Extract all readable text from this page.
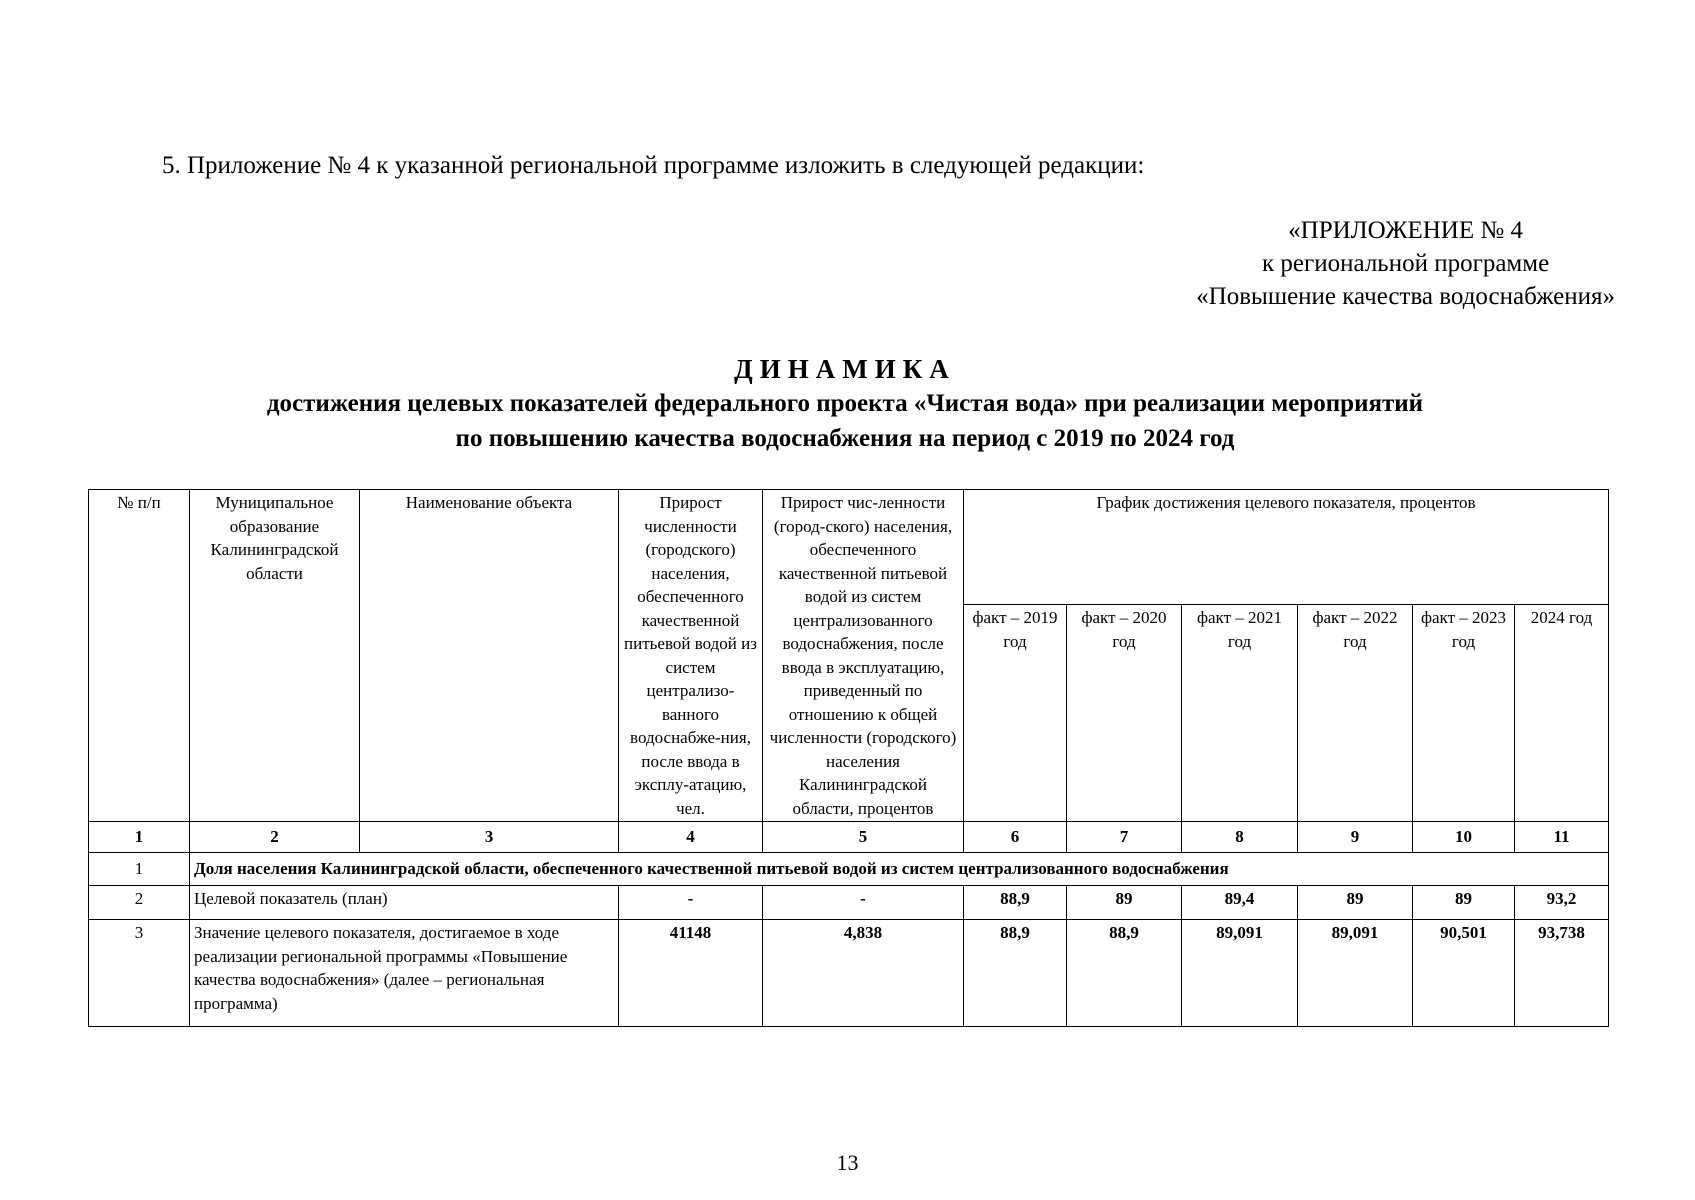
5. Приложение № 4 к указанной региональной программе изложить в следующей редакции:
«ПРИЛОЖЕНИЕ № 4
к региональной программе
«Повышение качества водоснабжения»
ДИНАМИКА
достижения целевых показателей федерального проекта «Чистая вода» при реализации мероприятий
по повышению качества водоснабжения на период с 2019 по 2024 год
№ п/п	Муниципальное образование Калининградской области	Наименование объекта	Прирост численности (городского) населения, обеспеченного качественной питьевой водой из систем централизо-ванного водоснабже-ния, после ввода в эксплу-атацию, чел.	Прирост чис-ленности (город-ского) населения, обеспеченного качественной питьевой водой из систем централизованного водоснабжения, после ввода в эксплуатацию, приведенный по отношению к общей численности (городского) населения Калининградской области, процентов	График достижения целевого показателя, процентов					
					факт – 2019 год	факт – 2020 год	факт – 2021 год	факт – 2022 год	факт – 2023 год	2024 год
1	2	3	4	5	6	7	8	9	10	11
1	Доля населения Калининградской области, обеспеченного качественной питьевой водой из систем централизованного водоснабжения									
2	Целевой показатель (план)		-	-	88,9	89	89,4	89	89	93,2
3	Значение целевого показателя, достигаемое в ходе реализации региональной программы «Повышение качества водоснабжения» (далее – региональная программа)		41148	4,838	88,9	88,9	89,091	89,091	90,501	93,738
13
